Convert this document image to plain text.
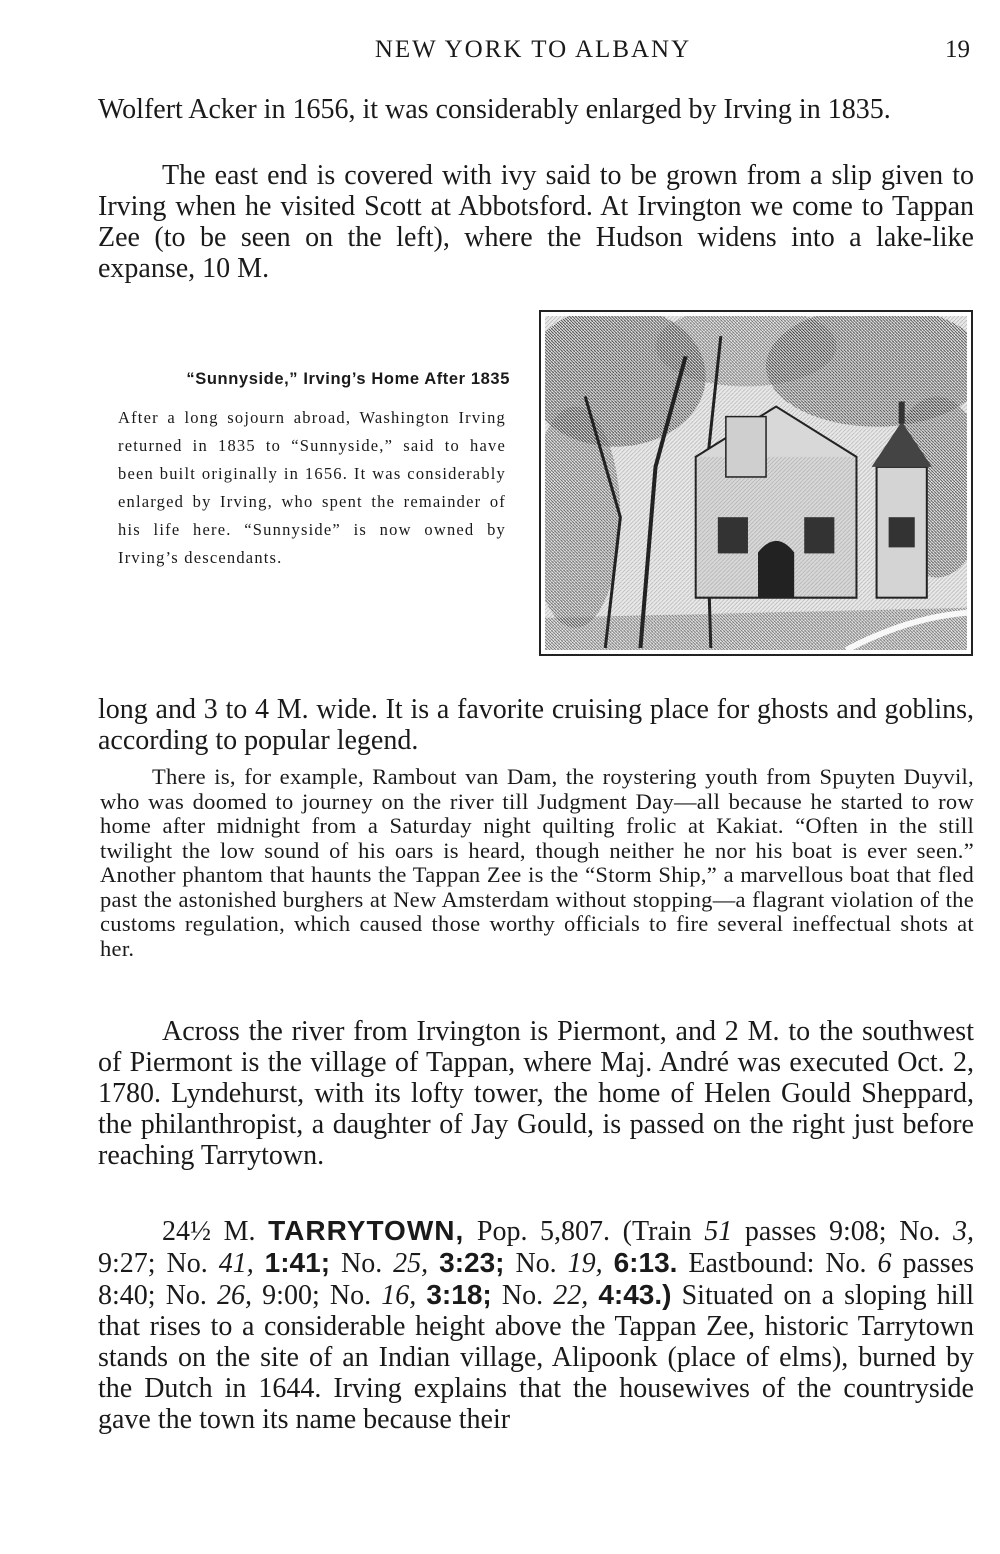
NEW YORK TO ALBANY	19

Wolfert Acker in 1656, it was considerably enlarged by Irving in 1835.

The east end is covered with ivy said to be grown from a slip given to Irving when he visited Scott at Abbotsford. At Irvington we come to Tappan Zee (to be seen on the left), where the Hudson widens into a lake-like expanse, 10 M.

“Sunnyside,” Irving’s Home After 1835

After a long sojourn abroad, Washington Irving returned in 1835 to “Sunnyside,” said to have been built originally in 1656. It was considerably enlarged by Irving, who spent the remainder of his life here. “Sunnyside” is now owned by Irving’s descendants.

long and 3 to 4 M. wide. It is a favorite cruising place for ghosts and goblins, according to popular legend.

There is, for example, Rambout van Dam, the roystering youth from Spuyten Duyvil, who was doomed to journey on the river till Judgment Day—all because he started to row home after midnight from a Saturday night quilting frolic at Kakiat. “Often in the still twilight the low sound of his oars is heard, though neither he nor his boat is ever seen.” Another phantom that haunts the Tappan Zee is the “Storm Ship,” a marvellous boat that fled past the astonished burghers at New Amsterdam without stopping—a flagrant violation of the customs regulation, which caused those worthy officials to fire several ineffectual shots at her.

Across the river from Irvington is Piermont, and 2 M. to the southwest of Piermont is the village of Tappan, where Maj. André was executed Oct. 2, 1780. Lyndehurst, with its lofty tower, the home of Helen Gould Sheppard, the philanthropist, a daughter of Jay Gould, is passed on the right just before reaching Tarrytown.

24½ M. TARRYTOWN, Pop. 5,807. (Train 51 passes 9:08; No. 3, 9:27; No. 41, 1:41; No. 25, 3:23; No. 19, 6:13. Eastbound: No. 6 passes 8:40; No. 26, 9:00; No. 16, 3:18; No. 22, 4:43.) Situated on a sloping hill that rises to a considerable height above the Tappan Zee, historic Tarrytown stands on the site of an Indian village, Alipoonk (place of elms), burned by the Dutch in 1644. Irving explains that the housewives of the countryside gave the town its name because their
